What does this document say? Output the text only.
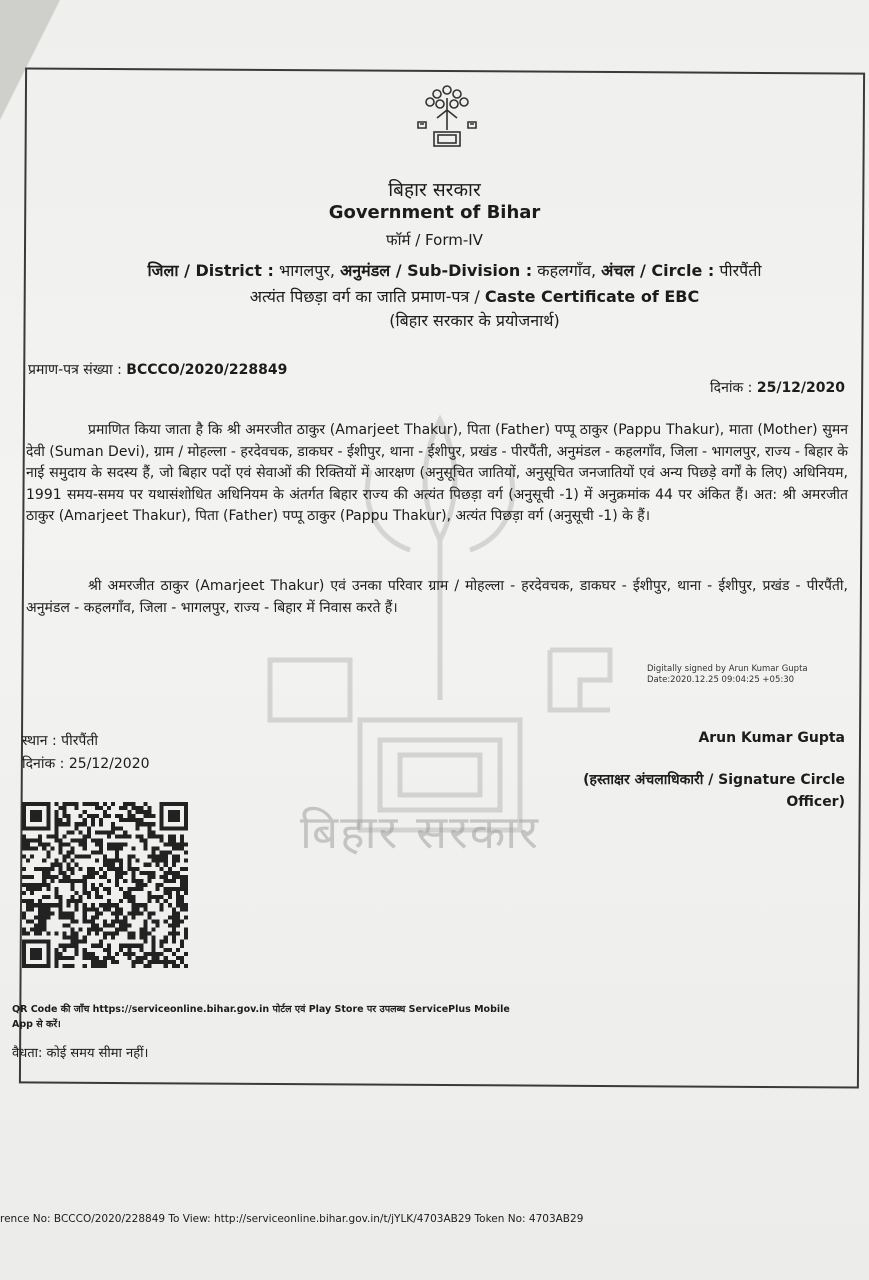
बिहार सरकार
बिहार सरकार
Government of Bihar
फॉर्म / Form-IV
जिला / District : भागलपुर, अनुमंडल / Sub-Division : कहलगाँव, अंचल / Circle : पीरपैंती
अत्यंत पिछड़ा वर्ग का जाति प्रमाण-पत्र / Caste Certificate of EBC
(बिहार सरकार के प्रयोजनार्थ)
प्रमाण-पत्र संख्या : BCCCO/2020/228849
दिनांक : 25/12/2020
प्रमाणित किया जाता है कि श्री अमरजीत ठाकुर (Amarjeet Thakur), पिता (Father) पप्पू ठाकुर (Pappu Thakur), माता (Mother) सुमन देवी (Suman Devi), ग्राम / मोहल्ला - हरदेवचक, डाकघर - ईशीपुर, थाना - ईशीपुर, प्रखंड - पीरपैंती, अनुमंडल - कहलगाँव, जिला - भागलपुर, राज्य - बिहार के नाई समुदाय के सदस्य हैं, जो बिहार पदों एवं सेवाओं की रिक्तियों में आरक्षण (अनुसूचित जातियों, अनुसूचित जनजातियों एवं अन्य पिछड़े वर्गों के लिए) अधिनियम, 1991 समय-समय पर यथासंशोधित अधिनियम के अंतर्गत बिहार राज्य की अत्यंत पिछड़ा वर्ग (अनुसूची -1) में अनुक्रमांक 44 पर अंकित हैं। अत: श्री अमरजीत ठाकुर (Amarjeet Thakur), पिता (Father) पप्पू ठाकुर (Pappu Thakur), अत्यंत पिछड़ा वर्ग (अनुसूची -1) के हैं।
श्री अमरजीत ठाकुर (Amarjeet Thakur) एवं उनका परिवार ग्राम / मोहल्ला - हरदेवचक, डाकघर - ईशीपुर, थाना - ईशीपुर, प्रखंड - पीरपैंती, अनुमंडल - कहलगाँव, जिला - भागलपुर, राज्य - बिहार में निवास करते हैं।
Digitally signed by Arun Kumar Gupta
Date:2020.12.25 09:04:25 +05:30
स्थान : पीरपैंती
दिनांक : 25/12/2020
Arun Kumar Gupta
(हस्ताक्षर अंचलाधिकारी / Signature Circle Officer)
QR Code की जाँच https://serviceonline.bihar.gov.in पोर्टल एवं Play Store पर उपलब्ध ServicePlus Mobile App से करें।
वैधता: कोई समय सीमा नहीं।
rence No: BCCCO/2020/228849 To View: http://serviceonline.bihar.gov.in/t/jYLK/4703AB29 Token No: 4703AB29
